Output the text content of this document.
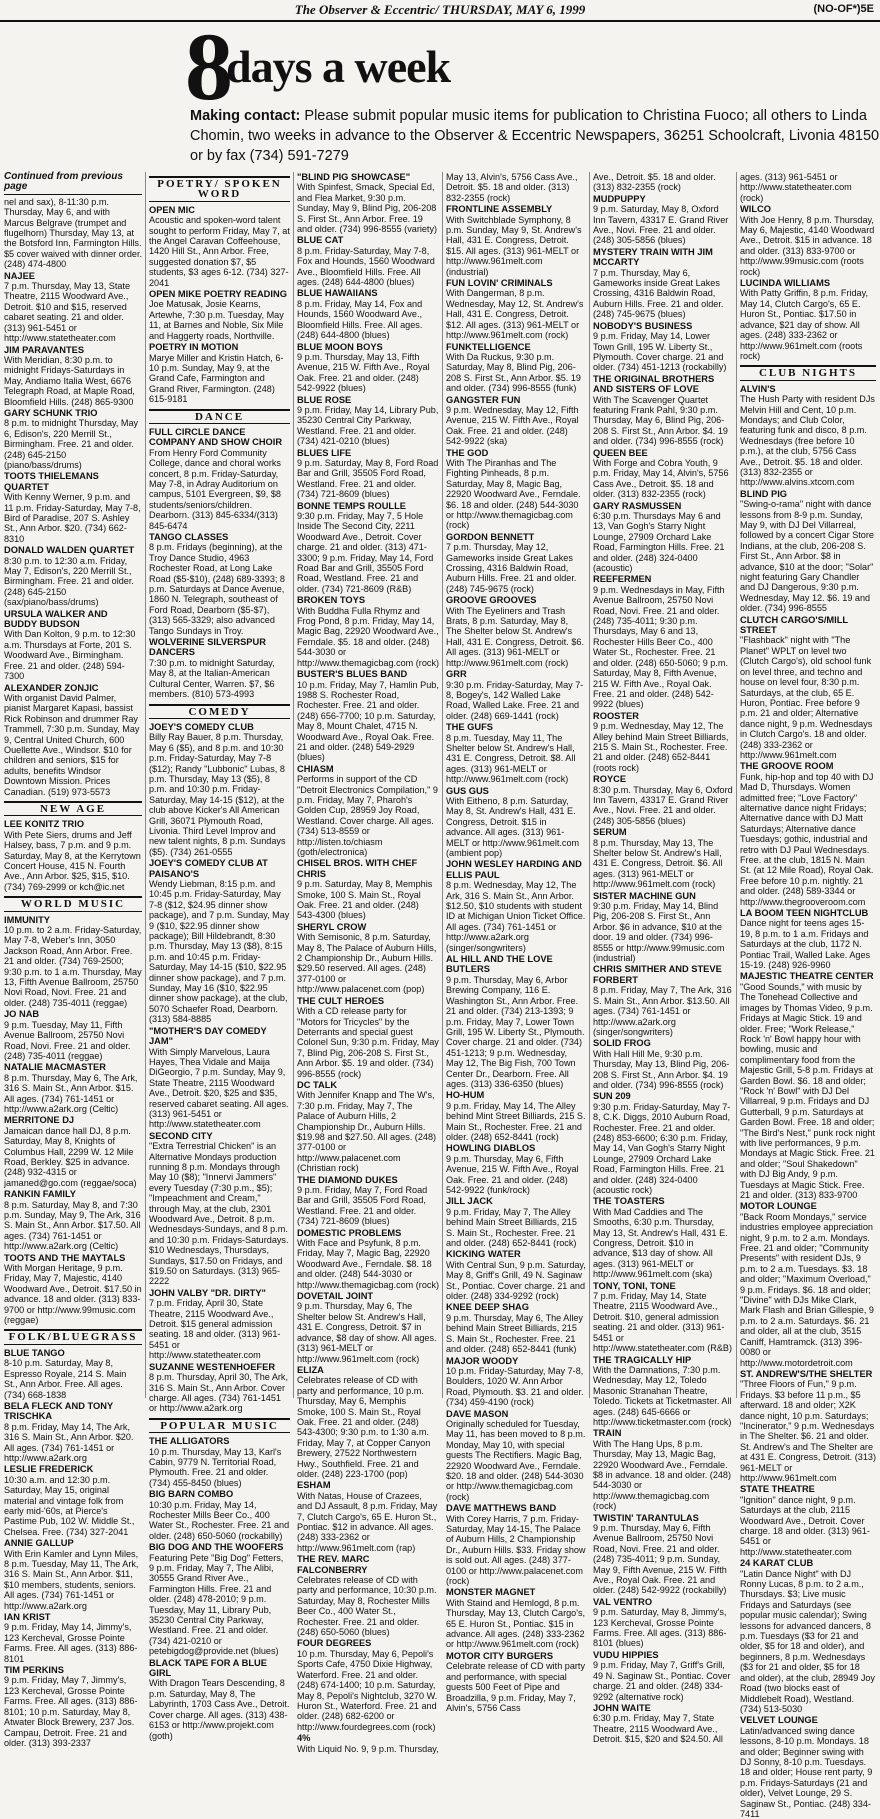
The Observer & Eccentric/ THURSDAY, MAY 6, 1999	(NO-OF*)5E
8days a week
Making contact: Please submit popular music items for publication to Christina Fuoco; all others to Linda Chomin, two weeks in advance to the Observer & Eccentric Newspapers, 36251 Schoolcraft, Livonia 48150 or by fax (734) 591-7279
Continued from previous page

nel and sax), 8-11:30 p.m. Thursday, May 6, and with Marcus Belgrave (trumpet and flugelhorn) Thursday, May 13, at the Botsford Inn, Farmington Hills. $5 cover waived with dinner order. (248) 474-4800

NAJEE
7 p.m. Thursday, May 13, State Theatre, 2115 Woodward Ave., Detroit. $10 and $15, reserved cabaret seating. 21 and older. (313) 961-5451 or http://www.statetheater.com

JIM PARAVANTES
With Meridian, 8:30 p.m. to midnight Fridays-Saturdays in May, Andiamo Italia West, 6676 Telegraph Road, at Maple Road, Bloomfield Hills. (248) 865-9300

GARY SCHUNK TRIO
8 p.m. to midnight Thursday, May 6, Edison's, 220 Merrill St., Birmingham. Free. 21 and older. (248) 645-2150 (piano/bass/drums)

TOOTS THIELEMANS QUARTET
With Kenny Werner, 9 p.m. and 11 p.m. Friday-Saturday, May 7-8, Bird of Paradise, 207 S. Ashley St., Ann Arbor. $20. (734) 662-8310

DONALD WALDEN QUARTET
8:30 p.m. to 12:30 a.m. Friday, May 7, Edison's, 220 Merrill St., Birmingham. Free. 21 and older. (248) 645-2150 (sax/piano/bass/drums)

URSULA WALKER AND BUDDY BUDSON
With Dan Kolton, 9 p.m. to 12:30 a.m. Thursdays at Forte, 201 S. Woodward Ave., Birmingham. Free. 21 and older. (248) 594-7300

ALEXANDER ZONJIC
With organist David Palmer, pianist Margaret Kapasi, bassist Rick Robinson and drummer Ray Trammell, 7:30 p.m. Sunday, May 9, Central United Church, 600 Ouellette Ave., Windsor. $10 for children and seniors, $15 for adults, benefits Windsor Downtown Mission. Prices Canadian. (519) 973-5573

NEW AGE

LEE KONITZ TRIO
With Pete Siers, drums and Jeff Halsey, bass, 7 p.m. and 9 p.m. Saturday, May 8, at the Kerrytown Concert House, 415 N. Fourth Ave., Ann Arbor. $25, $15, $10. (734) 769-2999 or kch@ic.net

WORLD MUSIC

IMMUNITY
10 p.m. to 2 a.m. Friday-Saturday, May 7-8, Weber's Inn, 3050 Jackson Road, Ann Arbor. Free. 21 and older. (734) 769-2500; 9:30 p.m. to 1 a.m. Thursday, May 13, Fifth Avenue Ballroom, 25750 Novi Road, Novi. Free. 21 and older. (248) 735-4011 (reggae)

JO NAB
9 p.m. Tuesday, May 11, Fifth Avenue Ballroom, 25750 Novi Road, Novi. Free. 21 and older. (248) 735-4011 (reggae)

NATALIE MACMASTER
8 p.m. Thursday, May 6, The Ark, 316 S. Main St., Ann Arbor. $15. All ages. (734) 761-1451 or http://www.a2ark.org (Celtic)

MERRITONE DJ
Jamaican dance hall DJ, 8 p.m. Saturday, May 8, Knights of Columbus Hall, 2299 W. 12 Mile Road, Berkley. $25 in advance. (248) 932-4315 or jamaned@go.com (reggae/soca)

RANKIN FAMILY
8 p.m. Saturday, May 8, and 7:30 p.m. Sunday, May 9, The Ark, 316 S. Main St., Ann Arbor. $17.50. All ages. (734) 761-1451 or http://www.a2ark.org (Celtic)

TOOTS AND THE MAYTALS
With Morgan Heritage, 9 p.m. Friday, May 7, Majestic, 4140 Woodward Ave., Detroit. $17.50 in advance. 18 and older. (313) 833-9700 or http://www.99music.com (reggae)

FOLK/BLUEGRASS

BLUE TANGO
8-10 p.m. Saturday, May 8, Espresso Royale, 214 S. Main St., Ann Arbor. Free. All ages. (734) 668-1838

BELA FLECK AND TONY TRISCHKA
8 p.m. Friday, May 14, The Ark, 316 S. Main St., Ann Arbor. $20. All ages. (734) 761-1451 or http://www.a2ark.org

LESLIE FREDERICK
10:30 a.m. and 12:30 p.m. Saturday, May 15, original material and vintage folk from early mid-'60s, at Pierce's Pastime Pub, 102 W. Middle St., Chelsea. Free. (734) 327-2041

ANNIE GALLUP
With Erin Kamler and Lynn Miles, 8 p.m. Tuesday, May 11, The Ark, 316 S. Main St., Ann Arbor. $11, $10 members, students, seniors. All ages. (734) 761-1451 or http://www.a2ark.org

IAN KRIST
9 p.m. Friday, May 14, Jimmy's, 123 Kercheval, Grosse Pointe Farms. Free. All ages. (313) 886-8101

TIM PERKINS
9 p.m. Friday, May 7, Jimmy's, 123 Kercheval, Grosse Pointe Farms. Free. All ages. (313) 886-8101; 10 p.m. Saturday, May 8, Atwater Block Brewery, 237 Jos. Campau, Detroit. Free. 21 and older. (313) 393-2337

POETRY/ SPOKEN WORD

OPEN MIC
Acoustic and spoken-word talent sought to perform Friday, May 7, at the Angel Caravan Coffeehouse, 1420 Hill St., Ann Arbor. Free, suggested donation $7, $5 students, $3 ages 6-12. (734) 327-2041

OPEN MIKE POETRY READING
Joe Matusak, Josie Kearns, Artewhe, 7:30 p.m. Tuesday, May 11, at Barnes and Noble, Six Mile and Haggerty roads, Northville.

POETRY IN MOTION
Marye Miller and Kristin Hatch, 6-10 p.m. Sunday, May 9, at the Grand Cafe, Farmington and Grand River, Farmington. (248) 615-9181

DANCE

FULL CIRCLE DANCE COMPANY AND SHOW CHOIR
From Henry Ford Community College, dance and choral works concert, 8 p.m. Friday-Saturday, May 7-8, in Adray Auditorium on campus, 5101 Evergreen, $9, $8 students/seniors/children. Dearborn. (313) 845-6334/(313) 845-6474

TANGO CLASSES
8 p.m. Fridays (beginning), at the Troy Dance Studio, 4963 Rochester Road, at Long Lake Road ($5-$10), (248) 689-3393; 8 p.m. Saturdays at Dance Avenue, 1860 N. Telegraph, southeast of Ford Road, Dearborn ($5-$7), (313) 565-3329; also advanced Tango Sundays in Troy.

WOLVERINE SILVERSPUR DANCERS
7:30 p.m. to midnight Saturday, May 8, at the Italian-American Cultural Center, Warren. $7, $6 members. (810) 573-4993

COMEDY

JOEY'S COMEDY CLUB
Billy Ray Bauer, 8 p.m. Thursday, May 6 ($5), and 8 p.m. and 10:30 p.m. Friday-Saturday, May 7-8 ($12); Randy "Lubbonic" Lubas, 8 p.m. Thursday, May 13 ($5), 8 p.m. and 10:30 p.m. Friday-Saturday, May 14-15 ($12), at the club above Kicker's All American Grill, 36071 Plymouth Road, Livonia. Third Level Improv and new talent nights, 8 p.m. Sundays ($5). (734) 261-0555

JOEY'S COMEDY CLUB AT PAISANO'S
Wendy Liebman, 8:15 p.m. and 10:45 p.m. Friday-Saturday, May 7-8 ($12, $24.95 dinner show package), and 7 p.m. Sunday, May 9 ($10, $22.95 dinner show package); Bill Hildebrandt, 8:30 p.m. Thursday, May 13 ($8), 8:15 p.m. and 10:45 p.m. Friday-Saturday, May 14-15 ($10, $22.95 dinner show package), and 7 p.m. Sunday, May 16 ($10, $22.95 dinner show package), at the club, 5070 Schaefer Road, Dearborn. (313) 584-8885

"MOTHER'S DAY COMEDY JAM"
With Simply Marvelous, Laura Hayes, Thea Vidale and Maija DiGeorgio, 7 p.m. Sunday, May 9, State Theatre, 2115 Woodward Ave., Detroit. $20, $25 and $35, reserved cabaret seating. All ages. (313) 961-5451 or http://www.statetheater.com

SECOND CITY
"Extra Terrestrial Chicken" is an Alternative Mondays production running 8 p.m. Mondays through May 10 ($8); "Innervi Jammers" every Tuesday (7:30 p.m., $5); "Impeachment and Cream," through May, at the club, 2301 Woodward Ave., Detroit. 8 p.m. Wednesdays-Sundays, and 8 p.m. and 10:30 p.m. Fridays-Saturdays. $10 Wednesdays, Thursdays, Sundays, $17.50 on Fridays, and $19.50 on Saturdays. (313) 965-2222

JOHN VALBY "DR. DIRTY"
7 p.m. Friday, April 30, State Theatre, 2115 Woodward Ave., Detroit. $15 general admission seating. 18 and older. (313) 961-5451 or http://www.statetheater.com

SUZANNE WESTENHOEFER
8 p.m. Thursday, April 30, The Ark, 316 S. Main St., Ann Arbor. Cover charge. All ages. (734) 761-1451 or http://www.a2ark.org

POPULAR MUSIC

THE ALLIGATORS
10 p.m. Thursday, May 13, Karl's Cabin, 9779 N. Territorial Road, Plymouth. Free. 21 and older. (734) 455-8450 (blues)

BIG BARN COMBO
10:30 p.m. Friday, May 14, Rochester Mills Beer Co., 400 Water St., Rochester. Free. 21 and older. (248) 650-5060 (rockabilly)

BIG DOG AND THE WOOFERS
Featuring Pete "Big Dog" Fetters, 9 p.m. Friday, May 7, The Alibi, 30555 Grand River Ave., Farmington Hills. Free. 21 and older. (248) 478-2010; 9 p.m. Tuesday, May 11, Library Pub, 35230 Central City Parkway, Westland. Free. 21 and older. (734) 421-0210 or petebigdog@provide.net (blues)

BLACK TAPE FOR A BLUE GIRL
With Dragon Tears Descending, 8 p.m. Saturday, May 8, The Labyrinth, 1703 Cass Ave., Detroit. Cover charge. All ages. (313) 438-6153 or http://www.projekt.com (goth)

"BLIND PIG SHOWCASE"
With Spinfest, Smack, Special Ed, and Flea Market, 9:30 p.m. Sunday, May 9, Blind Pig, 206-208 S. First St., Ann Arbor. Free. 19 and older. (734) 996-8555 (variety)

BLUE CAT
8 p.m. Friday-Saturday, May 7-8, Fox and Hounds, 1560 Woodward Ave., Bloomfield Hills. Free. All ages. (248) 644-4800 (blues)

BLUE HAWAIIANS
8 p.m. Friday, May 14, Fox and Hounds, 1560 Woodward Ave., Bloomfield Hills. Free. All ages. (248) 644-4800 (blues)

BLUE MOON BOYS
9 p.m. Thursday, May 13, Fifth Avenue, 215 W. Fifth Ave., Royal Oak. Free. 21 and older. (248) 542-9922 (blues)

BLUE ROSE
9 p.m. Friday, May 14, Library Pub, 35230 Central City Parkway, Westland. Free. 21 and older. (734) 421-0210 (blues)

BLUES LIFE
9 p.m. Saturday, May 8, Ford Road Bar and Grill, 35505 Ford Road, Westland. Free. 21 and older. (734) 721-8609 (blues)

BONNE TEMPS ROULLE
9:30 p.m. Friday, May 7, 5 Hole Inside The Second City, 2211 Woodward Ave., Detroit. Cover charge. 21 and older. (313) 471-3300; 9 p.m. Friday, May 14, Ford Road Bar and Grill, 35505 Ford Road, Westland. Free. 21 and older. (734) 721-8609 (R&B)

BROKEN TOYS
With Buddha Fulla Rhymz and Frog Pond, 8 p.m. Friday, May 14, Magic Bag, 22920 Woodward Ave., Ferndale. $5. 18 and older. (248) 544-3030 or http://www.themagicbag.com (rock)

BUSTER'S BLUES BAND
10 p.m. Friday, May 7, Hamlin Pub, 1988 S. Rochester Road, Rochester. Free. 21 and older. (248) 656-7700; 10 p.m. Saturday, May 8, Mount Chalet, 4715 N. Woodward Ave., Royal Oak. Free. 21 and older. (248) 549-2929 (blues)

CHIASM
Performs in support of the CD "Detroit Electronics Compilation," 9 p.m. Friday, May 7, Pharoh's Golden Cup, 28959 Joy Road, Westland. Cover charge. All ages. (734) 513-8559 or http://listen.to/chiasm (goth/electronica)

CHISEL BROS. WITH CHEF CHRIS
9 p.m. Saturday, May 8, Memphis Smoke, 100 S. Main St., Royal Oak. Free. 21 and older. (248) 543-4300 (blues)

SHERYL CROW
With Semisonic, 8 p.m. Saturday, May 8, The Palace of Auburn Hills, 2 Championship Dr., Auburn Hills. $29.50 reserved. All ages. (248) 377-0100 or http://www.palacenet.com (pop)

THE CULT HEROES
With a CD release party for "Motors for Tricycles" by the Deterrants and special guest Colonel Sun, 9:30 p.m. Friday, May 7, Blind Pig, 206-208 S. First St., Ann Arbor. $5. 19 and older. (734) 996-8555 (rock)

DC TALK
With Jennifer Knapp and The W's, 7:30 p.m. Friday, May 7, The Palace of Auburn Hills, 2 Championship Dr., Auburn Hills. $19.98 and $27.50. All ages. (248) 377-0100 or http://www.palacenet.com (Christian rock)

THE DIAMOND DUKES
9 p.m. Friday, May 7, Ford Road Bar and Grill, 35505 Ford Road, Westland. Free. 21 and older. (734) 721-8609 (blues)

DOMESTIC PROBLEMS
With Face and Psyfunk, 8 p.m. Friday, May 7, Magic Bag, 22920 Woodward Ave., Ferndale. $8. 18 and older. (248) 544-3030 or http://www.themagicbag.com (rock)

DOVETAIL JOINT
9 p.m. Thursday, May 6, The Shelter below St. Andrew's Hall, 431 E. Congress, Detroit. $7 in advance, $8 day of show. All ages. (313) 961-MELT or http://www.961melt.com (rock)

ELIZA
Celebrates release of CD with party and performance, 10 p.m. Thursday, May 6, Memphis Smoke, 100 S. Main St., Royal Oak. Free. 21 and older. (248) 543-4300; 9:30 p.m. to 1:30 a.m. Friday, May 7, at Copper Canyon Brewery, 27522 Northwestern Hwy., Southfield. Free. 21 and older. (248) 223-1700 (pop)

ESHAM
With Natas, House of Crazees, and DJ Assault, 8 p.m. Friday, May 7, Clutch Cargo's, 65 E. Huron St., Pontiac. $12 in advance. All ages. (248) 333-2362 or http://www.961melt.com (rap)

THE REV. MARC FALCONBERRY
Celebrates release of CD with party and performance, 10:30 p.m. Saturday, May 8, Rochester Mills Beer Co., 400 Water St., Rochester. Free. 21 and older. (248) 650-5060 (blues)

FOUR DEGREES
10 p.m. Thursday, May 6, Pepoli's Sports Cafe, 4750 Dixie Highway, Waterford. Free. 21 and older. (248) 674-1400; 10 p.m. Saturday, May 8, Pepoli's Nightclub, 3270 W. Huron St., Waterford. Free. 21 and older. (248) 682-6200 or http://www.fourdegrees.com (rock)

4%
With Liquid No. 9, 9 p.m. Thursday,

May 13, Alvin's, 5756 Cass Ave., Detroit. $5. 18 and older. (313) 832-2355 (rock)

FRONTLINE ASSEMBLY
With Switchblade Symphony, 8 p.m. Sunday, May 9, St. Andrew's Hall, 431 E. Congress, Detroit. $15. All ages. (313) 961-MELT or http://www.961melt.com (industrial)

FUN LOVIN' CRIMINALS
With Dangerman, 8 p.m. Wednesday, May 12, St. Andrew's Hall, 431 E. Congress, Detroit. $12. All ages. (313) 961-MELT or http://www.961melt.com (rock)

FUNKTELLIGENCE
With Da Ruckus, 9:30 p.m. Saturday, May 8, Blind Pig, 206-208 S. First St., Ann Arbor. $5. 19 and older. (734) 996-8555 (funk)

GANGSTER FUN
9 p.m. Wednesday, May 12, Fifth Avenue, 215 W. Fifth Ave., Royal Oak. Free. 21 and older. (248) 542-9922 (ska)

THE GOD
With The Piranhas and The Fighting Pinheads, 8 p.m. Saturday, May 8, Magic Bag, 22920 Woodward Ave., Ferndale. $6. 18 and older. (248) 544-3030 or http://www.themagicbag.com (rock)

GORDON BENNETT
7 p.m. Thursday, May 12, Gameworks inside Great Lakes Crossing, 4316 Baldwin Road, Auburn Hills. Free. 21 and older. (248) 745-9675 (rock)

GROOVE GROOVES
With The Eyeliners and Trash Brats, 8 p.m. Saturday, May 8, The Shelter below St. Andrew's Hall, 431 E. Congress, Detroit. $6. All ages. (313) 961-MELT or http://www.961melt.com (rock)

GRR
9:30 p.m. Friday-Saturday, May 7-8, Bogey's, 142 Walled Lake Road, Walled Lake. Free. 21 and older. (248) 669-1441 (rock)

THE GUFS
8 p.m. Tuesday, May 11, The Shelter below St. Andrew's Hall, 431 E. Congress, Detroit. $8. All ages. (313) 961-MELT or http://www.961melt.com (rock)

GUS GUS
With Eitheno, 8 p.m. Saturday, May 8, St. Andrew's Hall, 431 E. Congress, Detroit. $15 in advance. All ages. (313) 961-MELT or http://www.961melt.com (ambient pop)

JOHN WESLEY HARDING AND ELLIS PAUL
8 p.m. Wednesday, May 12, The Ark, 316 S. Main St., Ann Arbor. $12.50, $10 students with student ID at Michigan Union Ticket Office. All ages. (734) 761-1451 or http://www.a2ark.org (singer/songwriters)

AL HILL AND THE LOVE BUTLERS
9 p.m. Thursday, May 6, Arbor Brewing Company, 116 E. Washington St., Ann Arbor. Free. 21 and older. (734) 213-1393; 9 p.m. Friday, May 7, Lower Town Grill, 195 W. Liberty St., Plymouth. Cover charge. 21 and older. (734) 451-1213; 9 p.m. Wednesday, May 12, The Big Fish, 700 Town Center Dr., Dearborn. Free. All ages. (313) 336-6350 (blues)

HO-HUM
9 p.m. Friday, May 14, The Alley behind Mint Street Billiards, 215 S. Main St., Rochester. Free. 21 and older. (248) 652-8441 (rock)

HOWLING DIABLOS
9 p.m. Thursday, May 6, Fifth Avenue, 215 W. Fifth Ave., Royal Oak. Free. 21 and older. (248) 542-9922 (funk/rock)

JILL JACK
9 p.m. Friday, May 7, The Alley behind Main Street Billiards, 215 S. Main St., Rochester. Free. 21 and older. (248) 652-8441 (rock)

KICKING WATER
With Central Sun, 9 p.m. Saturday, May 8, Griff's Grill, 49 N. Saginaw St., Pontiac. Cover charge. 21 and older. (248) 334-9292 (rock)

KNEE DEEP SHAG
9 p.m. Thursday, May 6, The Alley behind Main Street Billiards, 215 S. Main St., Rochester. Free. 21 and older. (248) 652-8441 (funk)

MAJOR WOODY
10 p.m. Friday-Saturday, May 7-8, Boulders, 1020 W. Ann Arbor Road, Plymouth. $3. 21 and older. (734) 459-4190 (rock)

DAVE MASON
Originally scheduled for Tuesday, May 11, has been moved to 8 p.m. Monday, May 10, with special guests The Rectifiers. Magic Bag, 22920 Woodward Ave., Ferndale. $20. 18 and older. (248) 544-3030 or http://www.themagicbag.com (rock)

DAVE MATTHEWS BAND
With Corey Harris, 7 p.m. Friday-Saturday, May 14-15, The Palace of Auburn Hills, 2 Championship Dr., Auburn Hills. $33. Friday show is sold out. All ages. (248) 377-0100 or http://www.palacenet.com (rock)

MONSTER MAGNET
With Staind and Hemlogd, 8 p.m. Thursday, May 13, Clutch Cargo's, 65 E. Huron St., Pontiac. $15 in advance. All ages. (248) 333-2362 or http://www.961melt.com (rock)

MOTOR CITY BURGERS
Celebrate release of CD with party and performance, with special guests 500 Feet of Pipe and Broadzilla, 9 p.m. Friday, May 7, Alvin's, 5756 Cass

Ave., Detroit. $5. 18 and older. (313) 832-2355 (rock)

MUDPUPPY
9 p.m. Saturday, May 8, Oxford Inn Tavern, 43317 E. Grand River Ave., Novi. Free. 21 and older. (248) 305-5856 (blues)

MYSTERY TRAIN WITH JIM MCCARTY
7 p.m. Thursday, May 6, Gameworks inside Great Lakes Crossing, 4316 Baldwin Road, Auburn Hills. Free. 21 and older. (248) 745-9675 (blues)

NOBODY'S BUSINESS
9 p.m. Friday, May 14, Lower Town Grill, 195 W. Liberty St., Plymouth. Cover charge. 21 and older. (734) 451-1213 (rockabilly)

THE ORIGINAL BROTHERS AND SISTERS OF LOVE
With The Scavenger Quartet featuring Frank Pahl, 9:30 p.m. Thursday, May 6, Blind Pig, 206-208 S. First St., Ann Arbor. $4. 19 and older. (734) 996-8555 (rock)

QUEEN BEE
With Forge and Cobra Youth, 9 p.m. Friday, May 14, Alvin's, 5756 Cass Ave., Detroit. $5. 18 and older. (313) 832-2355 (rock)

GARY RASMUSSEN
6:30 p.m. Thursdays May 6 and 13, Van Gogh's Starry Night Lounge, 27909 Orchard Lake Road, Farmington Hills. Free. 21 and older. (248) 324-0400 (acoustic)

REEFERMEN
9 p.m. Wednesdays in May, Fifth Avenue Ballroom, 25750 Novi Road, Novi. Free. 21 and older. (248) 735-4011; 9:30 p.m. Thursdays, May 6 and 13, Rochester Hills Beer Co., 400 Water St., Rochester. Free. 21 and older. (248) 650-5060; 9 p.m. Saturday, May 8, Fifth Avenue, 215 W. Fifth Ave., Royal Oak. Free. 21 and older. (248) 542-9922 (blues)

ROOSTER
9 p.m. Wednesday, May 12, The Alley behind Main Street Billiards, 215 S. Main St., Rochester. Free. 21 and older. (248) 652-8441 (roots rock)

ROYCE
8:30 p.m. Thursday, May 6, Oxford Inn Tavern, 43317 E. Grand River Ave., Novi. Free. 21 and older. (248) 305-5856 (blues)

SERUM
8 p.m. Thursday, May 13, The Shelter below St. Andrew's Hall, 431 E. Congress, Detroit. $6. All ages. (313) 961-MELT or http://www.961melt.com (rock)

SISTER MACHINE GUN
9:30 p.m. Friday, May 14, Blind Pig, 206-208 S. First St., Ann Arbor. $6 in advance, $10 at the door. 19 and older. (734) 996-8555 or http://www.99music.com (industrial)

CHRIS SMITHER AND STEVE FORBERT
8 p.m. Friday, May 7, The Ark, 316 S. Main St., Ann Arbor. $13.50. All ages. (734) 761-1451 or http://www.a2ark.org (singer/songwriters)

SOLID FROG
With Hall Hill Me, 9:30 p.m. Thursday, May 13, Blind Pig, 206-208 S. First St., Ann Arbor. $4. 19 and older. (734) 996-8555 (rock)

SUN 209
9:30 p.m. Friday-Saturday, May 7-8, C.K. Diggs, 2010 Auburn Road, Rochester. Free. 21 and older. (248) 853-6600; 6:30 p.m. Friday, May 14, Van Gogh's Starry Night Lounge, 27909 Orchard Lake Road, Farmington Hills. Free. 21 and older. (248) 324-0400 (acoustic rock)

THE TOASTERS
With Mad Caddies and The Smooths, 6:30 p.m. Thursday, May 13, St. Andrew's Hall, 431 E. Congress, Detroit. $10 in advance, $13 day of show. All ages. (313) 961-MELT or http://www.961melt.com (ska)

TONY, TONI, TONE
7 p.m. Friday, May 14, State Theatre, 2115 Woodward Ave., Detroit. $10, general admission seating. 21 and older. (313) 961-5451 or http://www.statetheater.com (R&B)

THE TRAGICALLY HIP
With the Damnations, 7:30 p.m. Wednesday, May 12, Toledo Masonic Stranahan Theatre, Toledo. Tickets at Ticketmaster. All ages. (248) 645-6666 or http://www.ticketmaster.com (rock)

TRAIN
With The Hang Ups, 8 p.m. Thursday, May 13, Magic Bag, 22920 Woodward Ave., Ferndale. $8 in advance. 18 and older. (248) 544-3030 or http://www.themagicbag.com (rock)

TWISTIN' TARANTULAS
9 p.m. Thursday, May 6, Fifth Avenue Ballroom, 25750 Novi Road, Novi. Free. 21 and older. (248) 735-4011; 9 p.m. Sunday, May 9, Fifth Avenue, 215 W. Fifth Ave., Royal Oak. Free. 21 and older. (248) 542-9922 (rockabilly)

VAL VENTRO
9 p.m. Saturday, May 8, Jimmy's, 123 Kercheval, Grosse Pointe Farms. Free. All ages. (313) 886-8101 (blues)

VUDU HIPPIES
9 p.m. Friday, May 7, Griff's Grill, 49 N. Saginaw St., Pontiac. Cover charge. 21 and older. (248) 334-9292 (alternative rock)

JOHN WAITE
6:30 p.m. Friday, May 7, State Theatre, 2115 Woodward Ave., Detroit. $15, $20 and $24.50. All

ages. (313) 961-5451 or http://www.statetheater.com (rock)

WILCO
With Joe Henry, 8 p.m. Thursday, May 6, Majestic, 4140 Woodward Ave., Detroit. $15 in advance. 18 and older. (313) 833-9700 or http://www.99music.com (roots rock)

LUCINDA WILLIAMS
With Patty Griffin, 8 p.m. Friday, May 14, Clutch Cargo's, 65 E. Huron St., Pontiac. $17.50 in advance, $21 day of show. All ages. (248) 333-2362 or http://www.961melt.com (roots rock)

CLUB NIGHTS

ALVIN'S
The Hush Party with resident DJs Melvin Hill and Cent, 10 p.m. Mondays; and Club Color, featuring funk and disco, 8 p.m. Wednesdays (free before 10 p.m.), at the club, 5756 Cass Ave., Detroit. $5. 18 and older. (313) 832-2355 or http://www.alvins.xtcom.com

BLIND PIG
"Swing-o-rama" night with dance lessons from 8-9 p.m. Sunday, May 9, with DJ Del Villarreal, followed by a concert Cigar Store Indians, at the club, 206-208 S. First St., Ann Arbor. $8 in advance, $10 at the door; "Solar" night featuring Gary Chandler and DJ Dangerous, 9:30 p.m. Wednesday, May 12. $6. 19 and older. (734) 996-8555

CLUTCH CARGO'S/MILL STREET
"Flashback" night with "The Planet" WPLT on level two (Clutch Cargo's), old school funk on level three, and techno and house on level four, 8:30 p.m. Saturdays, at the club, 65 E. Huron, Pontiac. Free before 9 p.m. 21 and older; Alternative dance night, 9 p.m. Wednesdays in Clutch Cargo's. 18 and older. (248) 333-2362 or http://www.961melt.com

THE GROOVE ROOM
Funk, hip-hop and top 40 with DJ Mad D, Thursdays. Women admitted free; "Love Factory" alternative dance night Fridays; Alternative dance with DJ Matt Saturdays; Alternative dance Tuesdays; gothic, industrial and retro with DJ Paul Wednesdays. Free. at the club, 1815 N. Main St. (at 12 Mile Road), Royal Oak. Free before 10 p.m. nightly. 21 and older. (248) 589-3344 or http://www.thegrooveroom.com

LA BOOM TEEN NIGHTCLUB
Dance night for teens ages 15-19, 8 p.m. to 1 a.m. Fridays and Saturdays at the club, 1172 N. Pontiac Trail, Walled Lake. Ages 15-19. (248) 926-9960

MAJESTIC THEATRE CENTER
"Good Sounds," with music by The Tonehead Collective and images by Thomas Video, 9 p.m. Fridays at Magic Stick. 19 and older. Free; "Work Release," Rock 'n' Bowl happy hour with bowling, music and complimentary food from the Majestic Grill, 5-8 p.m. Fridays at Garden Bowl. $6. 18 and older; "Rock 'n' Bowl" with DJ Del Villarreal, 9 p.m. Fridays and DJ Gutterball, 9 p.m. Saturdays at Garden Bowl. Free. 18 and older; "The Bird's Nest," punk rock night with live performances, 9 p.m. Mondays at Magic Stick. Free. 21 and older; "Soul Shakedown" with DJ Big Andy, 9 p.m. Tuesdays at Magic Stick. Free. 21 and older. (313) 833-9700

MOTOR LOUNGE
"Back Room Mondays," service industries employee appreciation night, 9 p.m. to 2 a.m. Mondays. Free. 21 and older; "Community Presents" with resident DJs, 9 p.m. to 2 a.m. Tuesdays. $3. 18 and older; "Maximum Overload," 9 p.m. Fridays. $6. 18 and older; "Divine" with DJs Mike Clark, Mark Flash and Brian Gillespie, 9 p.m. to 2 a.m. Saturdays. $6. 21 and older, all at the club, 3515 Caniff, Hamtramck. (313) 396-0080 or http://www.motordetroit.com

ST. ANDREW'S/THE SHELTER
"Three Floors of Fun," 9 p.m. Fridays. $3 before 11 p.m., $5 afterward. 18 and older; X2K dance night, 10 p.m. Saturdays; "Incinerator," 9 p.m. Wednesdays in The Shelter. $6. 21 and older. St. Andrew's and The Shelter are at 431 E. Congress, Detroit. (313) 961-MELT or http://www.961melt.com

STATE THEATRE
"Ignition" dance night, 9 p.m. Saturdays at the club, 2115 Woodward Ave., Detroit. Cover charge. 18 and older. (313) 961-5451 or http://www.statetheater.com

24 KARAT CLUB
"Latin Dance Night" with DJ Ronny Lucas, 8 p.m. to 2 a.m., Thursdays. $3; Live music Fridays and Saturdays (see popular music calendar); Swing lessons for advanced dancers, 8 p.m. Tuesdays ($3 for 21 and older, $5 for 18 and older), and beginners, 8 p.m. Wednesdays ($3 for 21 and older, $5 for 18 and older), at the club, 28949 Joy Road (two blocks east of Middlebelt Road), Westland. (734) 513-5030

VELVET LOUNGE
Latin/advanced swing dance lessons, 8-10 p.m. Mondays. 18 and older; Beginner swing with DJ Sonny, 8-10 p.m. Tuesdays. 18 and older; House rent party, 9 p.m. Fridays-Saturdays (21 and older), Velvet Lounge, 29 S. Saginaw St., Pontiac. (248) 334-7411
